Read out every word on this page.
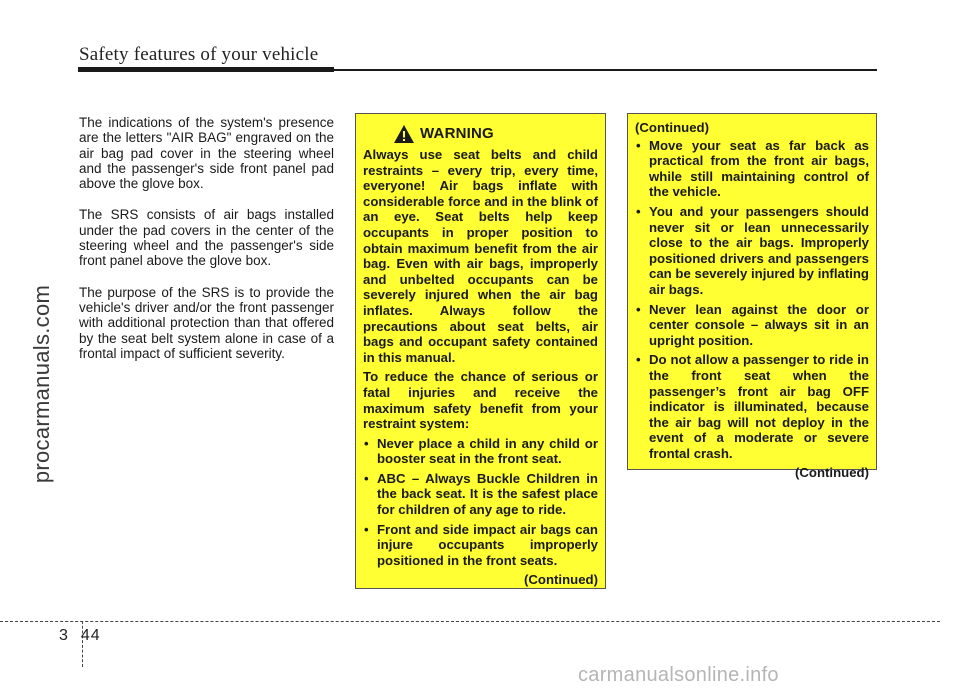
Safety features of your vehicle
procarmanuals.com

The indications of the system's presence are the letters "AIR BAG" engraved on the air bag pad cover in the steering wheel and the passenger's side front panel pad above the glove box.

The SRS consists of air bags installed under the pad covers in the center of the steering wheel and the passenger's side front panel above the glove box.

The purpose of the SRS is to provide the vehicle's driver and/or the front passenger with additional protection than that offered by the seat belt system alone in case of a frontal impact of sufficient severity.

WARNING

Always use seat belts and child restraints – every trip, every time, everyone! Air bags inflate with considerable force and in the blink of an eye. Seat belts help keep occupants in proper position to obtain maximum benefit from the air bag. Even with air bags, improperly and unbelted occupants can be severely injured when the air bag inflates. Always follow the precautions about seat belts, air bags and occupant safety contained in this manual.

To reduce the chance of serious or fatal injuries and receive the maximum safety benefit from your restraint system:

• Never place a child in any child or booster seat in the front seat.
• ABC – Always Buckle Children in the back seat. It is the safest place for children of any age to ride.
• Front and side impact air bags can injure occupants improperly positioned in the front seats.
(Continued)
(Continued)
• Move your seat as far back as practical from the front air bags, while still maintaining control of the vehicle.
• You and your passengers should never sit or lean unnecessarily close to the air bags. Improperly positioned drivers and passengers can be severely injured by inflating air bags.
• Never lean against the door or center console – always sit in an upright position.
• Do not allow a passenger to ride in the front seat when the passenger’s front air bag OFF indicator is illuminated, because the air bag will not deploy in the event of a moderate or severe frontal crash.
(Continued)
3 44
carmanualsonline.info
